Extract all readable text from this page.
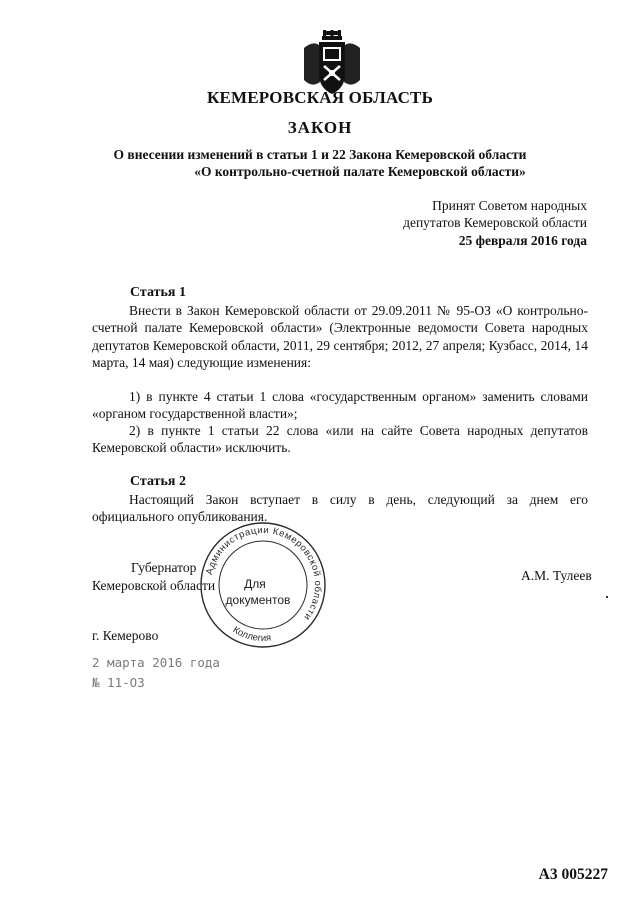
КЕМЕРОВСКАЯ ОБЛАСТЬ
ЗАКОН
О внесении изменений в статьи 1 и 22 Закона Кемеровской области
«О контрольно-счетной палате Кемеровской области»
Принят Советом народных
депутатов Кемеровской области
25 февраля 2016 года
Статья 1
Внести в Закон Кемеровской области от 29.09.2011 № 95-ОЗ «О контрольно-счетной палате Кемеровской области» (Электронные ведомости Совета народных депутатов Кемеровской области, 2011, 29 сентября; 2012, 27 апреля; Кузбасс, 2014, 14 марта, 14 мая) следующие изменения:
1) в пункте 4 статьи 1 слова «государственным органом» заменить словами «органом государственной власти»;
2) в пункте 1 статьи 22 слова «или на сайте Совета народных депутатов Кемеровской области» исключить.
Статья 2
Настоящий Закон вступает в силу в день, следующий за днем его официального опубликования.
Губернатор
Кемеровской области
А.М. Тулеев
г. Кемерово
Администрации Кемеровской области
Коллегия
Для
документов
2 марта 2016 года
№ 11-ОЗ
А3 005227
